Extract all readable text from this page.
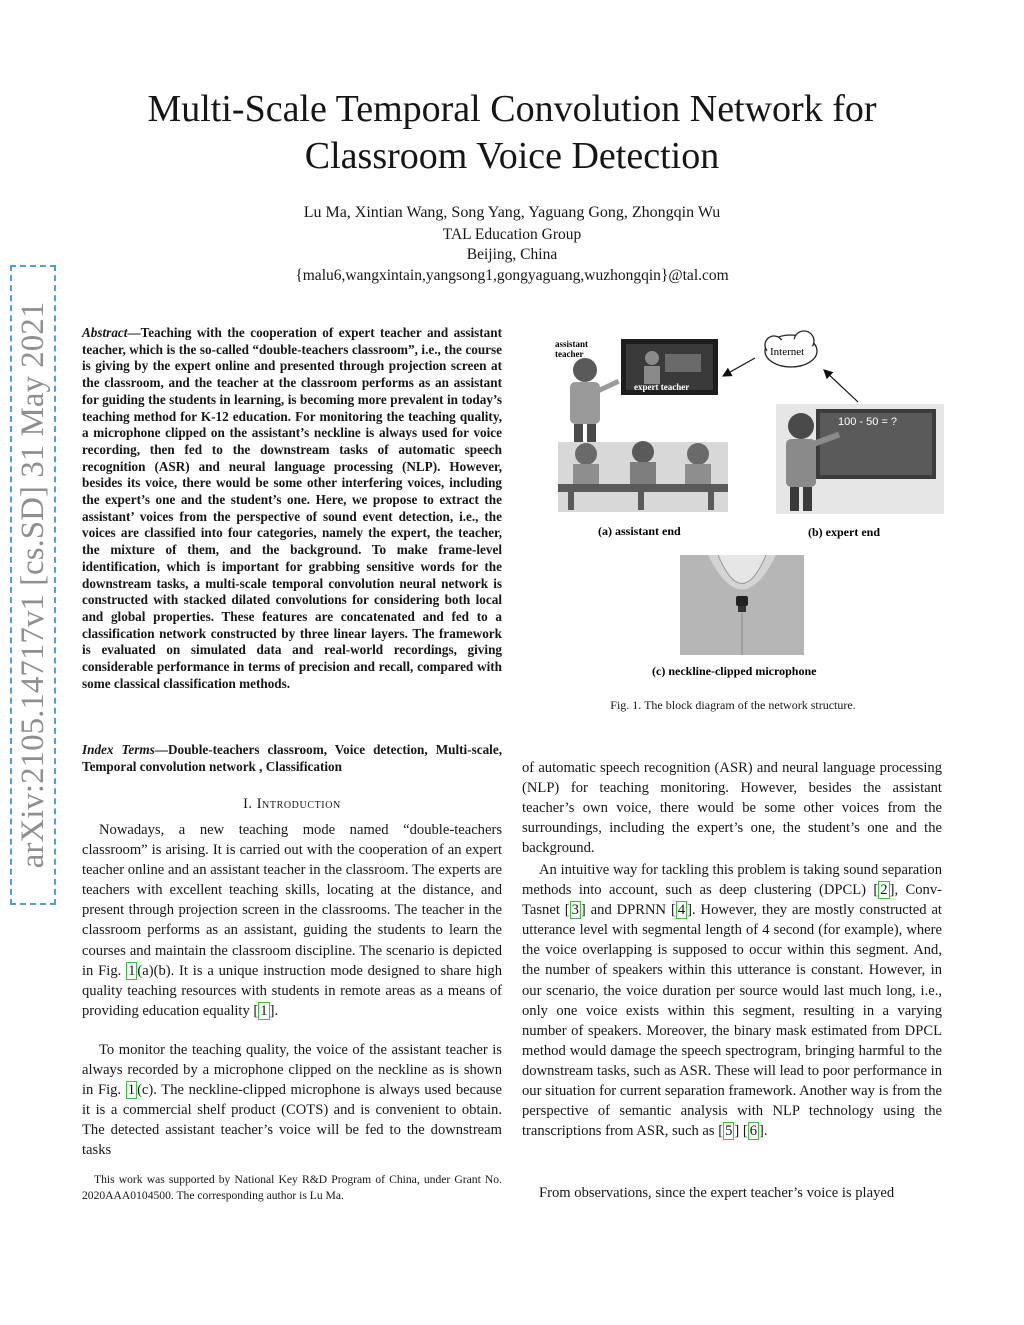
Multi-Scale Temporal Convolution Network for
Classroom Voice Detection
Lu Ma, Xintian Wang, Song Yang, Yaguang Gong, Zhongqin Wu
TAL Education Group
Beijing, China
{malu6,wangxintain,yangsong1,gongyaguang,wuzhongqin}@tal.com
arXiv:2105.14717v1 [cs.SD] 31 May 2021	Abstract—Teaching with the cooperation of expert teacher and assistant teacher, which is the so-called “double-teachers classroom”, i.e., the course is giving by the expert online and presented through projection screen at the classroom, and the teacher at the classroom performs as an assistant for guiding the students in learning, is becoming more prevalent in today’s teaching method for K-12 education. For monitoring the teaching quality, a microphone clipped on the assistant’s neckline is always used for voice recording, then fed to the downstream tasks of automatic speech recognition (ASR) and neural language processing (NLP). However, besides its voice, there would be some other interfering voices, including the expert’s one and the student’s one. Here, we propose to extract the assistant’ voices from the perspective of sound event detection, i.e., the voices are classified into four categories, namely the expert, the teacher, the mixture of them, and the background. To make frame-level identification, which is important for grabbing sensitive words for the downstream tasks, a multi-scale temporal convolution neural network is constructed with stacked dilated convolutions for considering both local and global properties. These features are concatenated and fed to a classification network constructed by three linear layers. The framework is evaluated on simulated data and real-world recordings, giving considerable performance in terms of precision and recall, compared with some classical classification methods.
Index Terms—Double-teachers classroom, Voice detection, Multi-scale, Temporal convolution network , Classification
I. Introduction
Nowadays, a new teaching mode named “double-teachers classroom” is arising. It is carried out with the cooperation of an expert teacher online and an assistant teacher in the classroom. The experts are teachers with excellent teaching skills, locating at the distance, and present through projection screen in the classrooms. The teacher in the classroom performs as an assistant, guiding the students to learn the courses and maintain the classroom discipline. The scenario is depicted in Fig. 1 (a)(b). It is a unique instruction mode designed to share high quality teaching resources with students in remote areas as a means of providing education equality [ 1 ].
To monitor the teaching quality, the voice of the assistant teacher is always recorded by a microphone clipped on the neckline as is shown in Fig. 1 (c). The neckline-clipped microphone is always used because it is a commercial shelf product (COTS) and is convenient to obtain. The detected assistant teacher’s voice will be fed to the downstream tasks
This work was supported by National Key R&D Program of China, under Grant No. 2020AAA0104500. The corresponding author is Lu Ma.
assistant
teacher
expert teacher
Internet
100 - 50 = ?
(a) assistant end	(b) expert end
(c) neckline-clipped microphone
Fig. 1. The block diagram of the network structure.
of automatic speech recognition (ASR) and neural language processing (NLP) for teaching monitoring. However, besides the assistant teacher’s own voice, there would be some other voices from the surroundings, including the expert’s one, the student’s one and the background.
An intuitive way for tackling this problem is taking sound separation methods into account, such as deep clustering (DPCL) [ 2 ], Conv-Tasnet [ 3 ] and DPRNN [ 4 ]. However, they are mostly constructed at utterance level with segmental length of 4 second (for example), where the voice overlapping is supposed to occur within this segment. And, the number of speakers within this utterance is constant. However, in our scenario, the voice duration per source would last much long, i.e., only one voice exists within this segment, resulting in a varying number of speakers. Moreover, the binary mask estimated from DPCL method would damage the speech spectrogram, bringing harmful to the downstream tasks, such as ASR. These will lead to poor performance in our situation for current separation framework. Another way is from the perspective of semantic analysis with NLP technology using the transcriptions from ASR, such as [ 5 ] [ 6 ].
From observations, since the expert teacher’s voice is played
